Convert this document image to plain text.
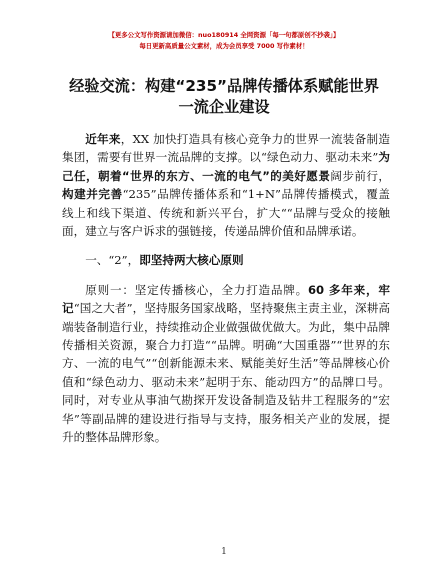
【更多公文写作资源请加微信：nuo180914 全网资源「每一句都原创不抄袭」】
每日更新高质量公文素材，成为会员享受 7000 写作素材！
经验交流：构建“235”品牌传播体系赋能世界
一流企业建设

近年来，XX 加快打造具有核心竞争力的世界一流装备制造集团，需要有世界一流品牌的支撑。以“绿色动力、驱动未来”为己任，朝着“世界的东方、一流的电气”的美好愿景阔步前行，构建并完善“235”品牌传播体系和“1+N”品牌传播模式，覆盖线上和线下渠道、传统和新兴平台，扩大““品牌与受众的接触面，建立与客户诉求的强链接，传递品牌价值和品牌承诺。

一、“2”，即坚持两大核心原则

原则一：坚定传播核心，全力打造品牌。60 多年来，牢记“国之大者”，坚持服务国家战略，坚持聚焦主责主业，深耕高端装备制造行业，持续推动企业做强做优做大。为此，集中品牌传播相关资源，聚合力打造““品牌。明确“大国重器”“世界的东方、一流的电气”“创新能源未来、赋能美好生活”等品牌核心价值和“绿色动力、驱动未来”起明于东、能动四方”的品牌口号。同时，对专业从事油气勘探开发设备制造及钻井工程服务的“宏华”等副品牌的建设进行指导与支持，服务相关产业的发展，提升的整体品牌形象。

1
